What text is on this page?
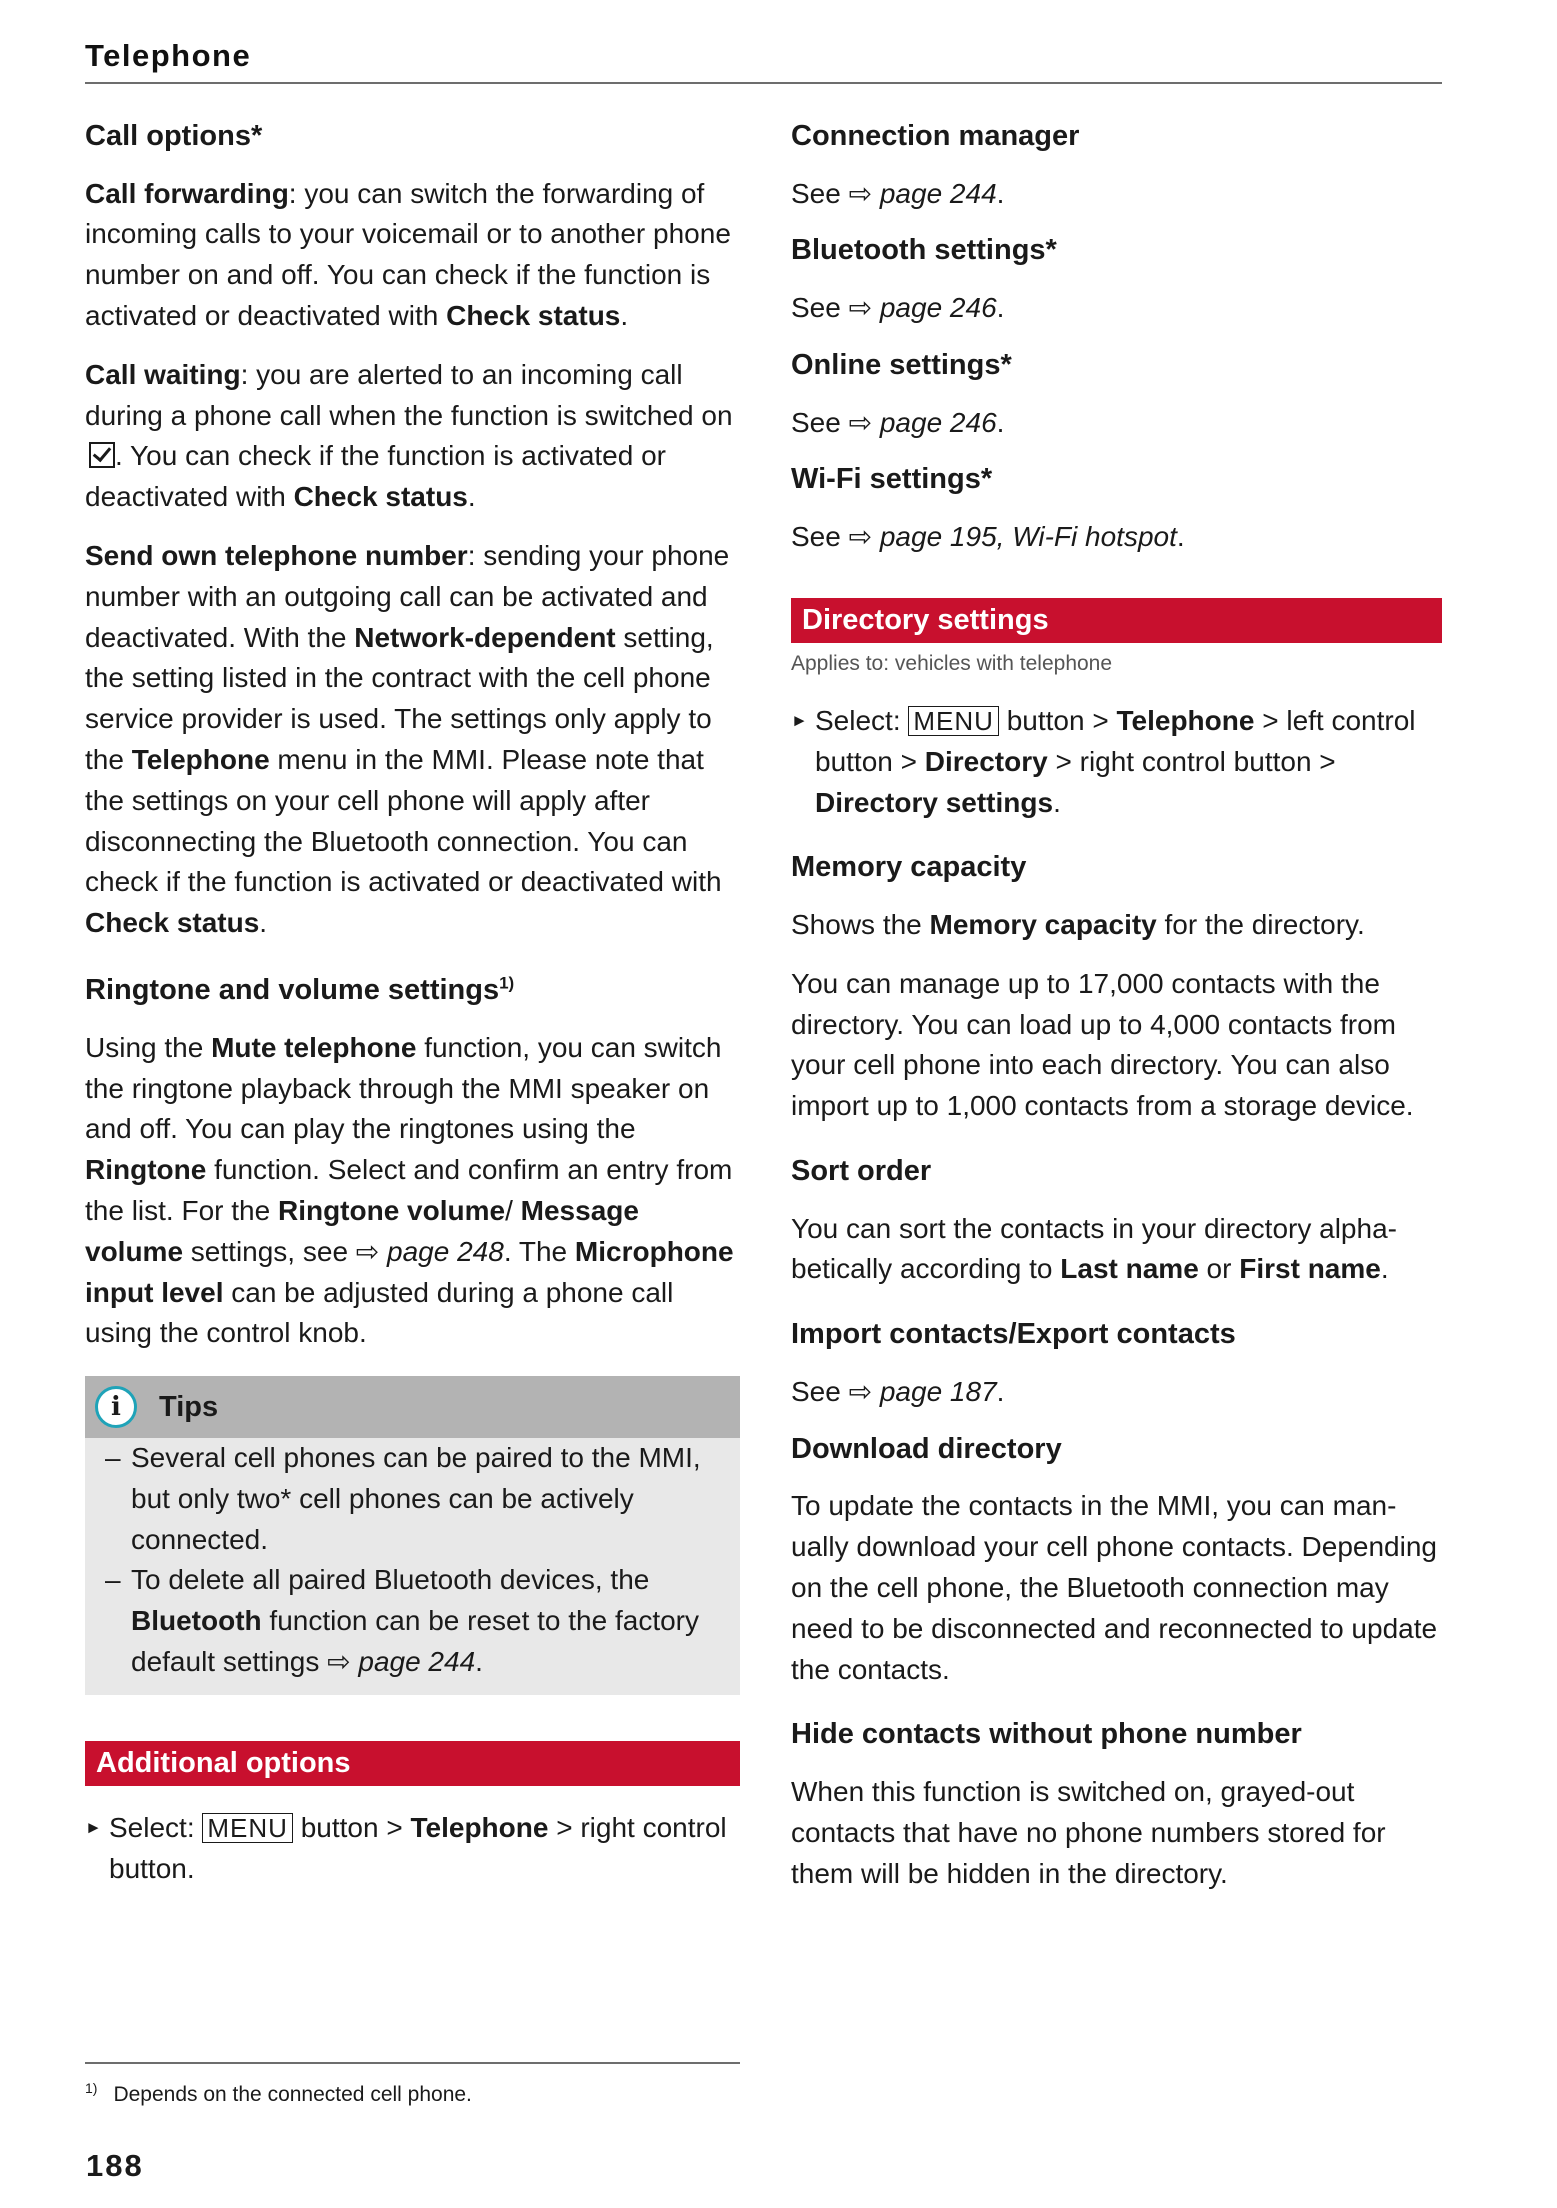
Telephone
Call options*

Call forwarding: you can switch the forwarding of incoming calls to your voicemail or to another phone number on and off. You can check if the function is activated or deactivated with Check status.

Call waiting: you are alerted to an incoming call during a phone call when the function is switched on . You can check if the function is activated or deactivated with Check status.

Send own telephone number: sending your phone number with an outgoing call can be activated and deactivated. With the Network-dependent setting, the setting listed in the contract with the cell phone service provider is used. The settings only apply to the Telephone menu in the MMI. Please note that the settings on your cell phone will apply after disconnecting the Bluetooth connection. You can check if the function is activated or deactivated with Check status.

Ringtone and volume settings$^{1)}$

Using the Mute telephone function, you can switch the ringtone playback through the MMI speaker on and off. You can play the ringtones using the Ringtone function. Select and confirm an entry from the list. For the Ringtone volume/ Message volume settings, see ⇨ page 248. The Microphone input level can be adjusted during a phone call using the control knob.

i	Tips
– Several cell phones can be paired to the MMI, but only two* cell phones can be actively connected.
– To delete all paired Bluetooth devices, the Bluetooth function can be reset to the factory default settings ⇨ page 244.
Additional options
► Select: MENU button > Telephone > right control button.
Connection manager

See ⇨ page 244.

Bluetooth settings*

See ⇨ page 246.

Online settings*

See ⇨ page 246.

Wi-Fi settings*

See ⇨ page 195, Wi-Fi hotspot.

Directory settings
Applies to: vehicles with telephone
► Select: MENU button > Telephone > left control button > Directory > right control button > Directory settings.
Memory capacity

Shows the Memory capacity for the directory.

You can manage up to 17,000 contacts with the directory. You can load up to 4,000 contacts from your cell phone into each directory. You can also import up to 1,000 contacts from a storage device.

Sort order

You can sort the contacts in your directory alphabetically according to Last name or First name.

Import contacts/Export contacts

See ⇨ page 187.

Download directory

To update the contacts in the MMI, you can manually download your cell phone contacts. Depending on the cell phone, the Bluetooth connection may need to be disconnected and reconnected to update the contacts.

Hide contacts without phone number

When this function is switched on, grayed-out contacts that have no phone numbers stored for them will be hidden in the directory.

$^{1)}$ Depends on the connected cell phone.
188
